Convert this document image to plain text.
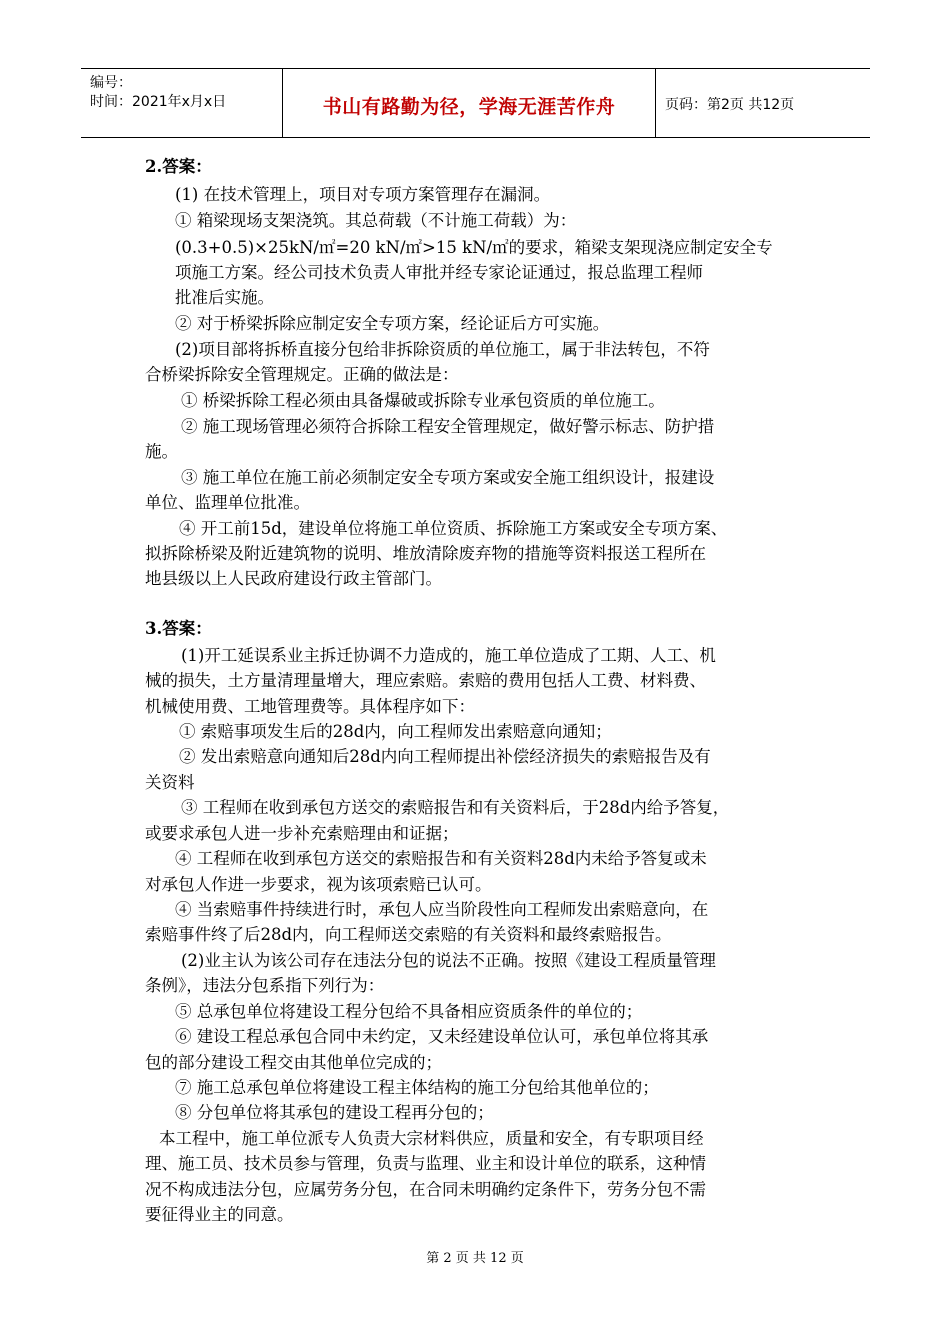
编号：
时间：2021年x月x日	书山有路勤为径，学海无涯苦作舟	页码：第2页 共12页
2.答案：
(1) 在技术管理上，项目对专项方案管理存在漏洞。
① 箱梁现场支架浇筑。其总荷载（不计施工荷载）为：
(0.3+0.5)×25kN/㎡=20 kN/㎡>15 kN/㎡的要求，箱梁支架现浇应制定安全专
项施工方案。经公司技术负责人审批并经专家论证通过，报总监理工程师
批准后实施。
② 对于桥梁拆除应制定安全专项方案，经论证后方可实施。
(2)项目部将拆桥直接分包给非拆除资质的单位施工，属于非法转包，不符
合桥梁拆除安全管理规定。正确的做法是：
① 桥梁拆除工程必须由具备爆破或拆除专业承包资质的单位施工。
② 施工现场管理必须符合拆除工程安全管理规定，做好警示标志、防护措
施。
③ 施工单位在施工前必须制定安全专项方案或安全施工组织设计，报建设
单位、监理单位批准。
④ 开工前15d，建设单位将施工单位资质、拆除施工方案或安全专项方案、
拟拆除桥梁及附近建筑物的说明、堆放清除废弃物的措施等资料报送工程所在
地县级以上人民政府建设行政主管部门。
3.答案：
(1)开工延误系业主拆迁协调不力造成的，施工单位造成了工期、人工、机
械的损失，土方量清理量增大，理应索赔。索赔的费用包括人工费、材料费、
机械使用费、工地管理费等。具体程序如下：
① 索赔事项发生后的28d内，向工程师发出索赔意向通知；
② 发出索赔意向通知后28d内向工程师提出补偿经济损失的索赔报告及有
关资料
③ 工程师在收到承包方送交的索赔报告和有关资料后，于28d内给予答复，
或要求承包人进一步补充索赔理由和证据；
④ 工程师在收到承包方送交的索赔报告和有关资料28d内未给予答复或未
对承包人作进一步要求，视为该项索赔已认可。
④ 当索赔事件持续进行时，承包人应当阶段性向工程师发出索赔意向，在
索赔事件终了后28d内，向工程师送交索赔的有关资料和最终索赔报告。
(2)业主认为该公司存在违法分包的说法不正确。按照《建设工程质量管理
条例》，违法分包系指下列行为：
⑤ 总承包单位将建设工程分包给不具备相应资质条件的单位的；
⑥ 建设工程总承包合同中未约定，又未经建设单位认可，承包单位将其承
包的部分建设工程交由其他单位完成的；
⑦ 施工总承包单位将建设工程主体结构的施工分包给其他单位的；
⑧ 分包单位将其承包的建设工程再分包的；
本工程中，施工单位派专人负责大宗材料供应，质量和安全，有专职项目经
理、施工员、技术员参与管理，负责与监理、业主和设计单位的联系，这种情
况不构成违法分包，应属劳务分包，在合同未明确约定条件下，劳务分包不需
要征得业主的同意。
第 2 页 共 12 页
